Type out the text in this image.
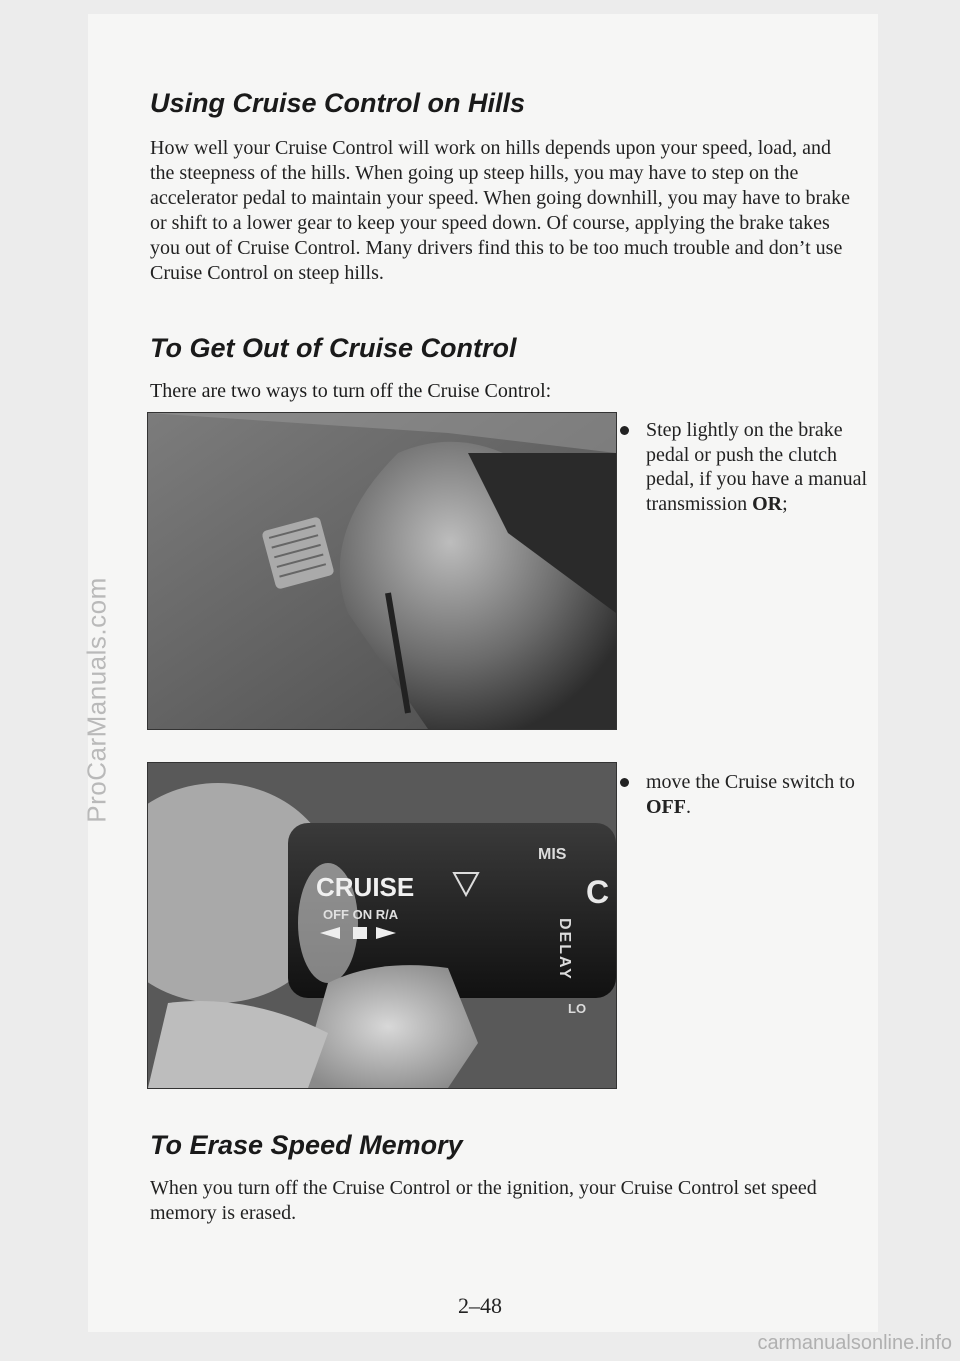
ProCarManuals.com
Using Cruise Control on Hills

How well your Cruise Control will work on hills depends upon your speed, load, and the steepness of the hills. When going up steep hills, you may have to step on the accelerator pedal to maintain your speed. When going downhill, you may have to brake or shift to a lower gear to keep your speed down. Of course, applying the brake takes you out of Cruise Control. Many drivers find this to be too much trouble and don’t use Cruise Control on steep hills.

To Get Out of Cruise Control

There are two ways to turn off the Cruise Control:

Step lightly on the brake pedal or push the clutch pedal, if you have a manual transmission OR;
CRUISE
OFF ON R/A
MIS
C
LO
DELAY
move the Cruise switch to OFF.
To Erase Speed Memory

When you turn off the Cruise Control or the ignition, your Cruise Control set speed memory is erased.

2–48
carmanualsonline.info
